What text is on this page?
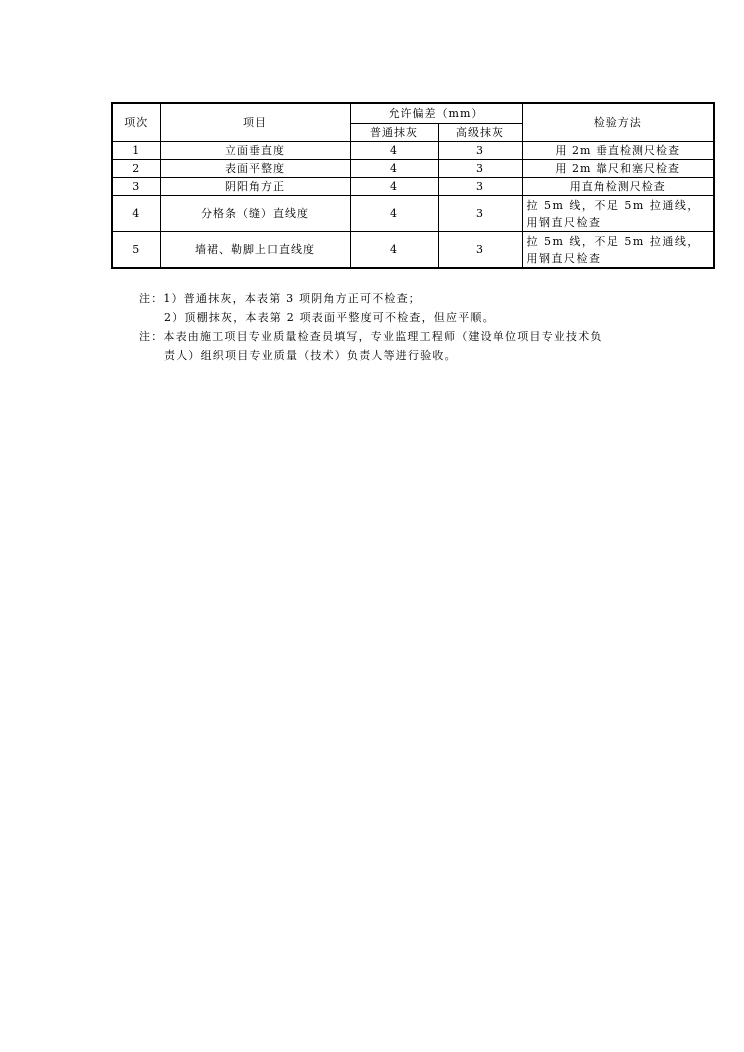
项次	项目	允许偏差（mm）		检验方法
		普通抹灰	高级抹灰	
1	立面垂直度	4	3	用 2m 垂直检测尺检查
2	表面平整度	4	3	用 2m 靠尺和塞尺检查
3	阴阳角方正	4	3	用直角检测尺检查
4	分格条（缝）直线度	4	3	拉 5m 线，不足 5m 拉通线，用钢直尺检查
5	墙裙、勒脚上口直线度	4	3	拉 5m 线，不足 5m 拉通线，用钢直尺检查
注：1）普通抹灰，本表第 3 项阴角方正可不检查；
2）顶棚抹灰，本表第 2 项表面平整度可不检查，但应平顺。
注：本表由施工项目专业质量检查员填写，专业监理工程师（建设单位项目专业技术负
责人）组织项目专业质量（技术）负责人等进行验收。
